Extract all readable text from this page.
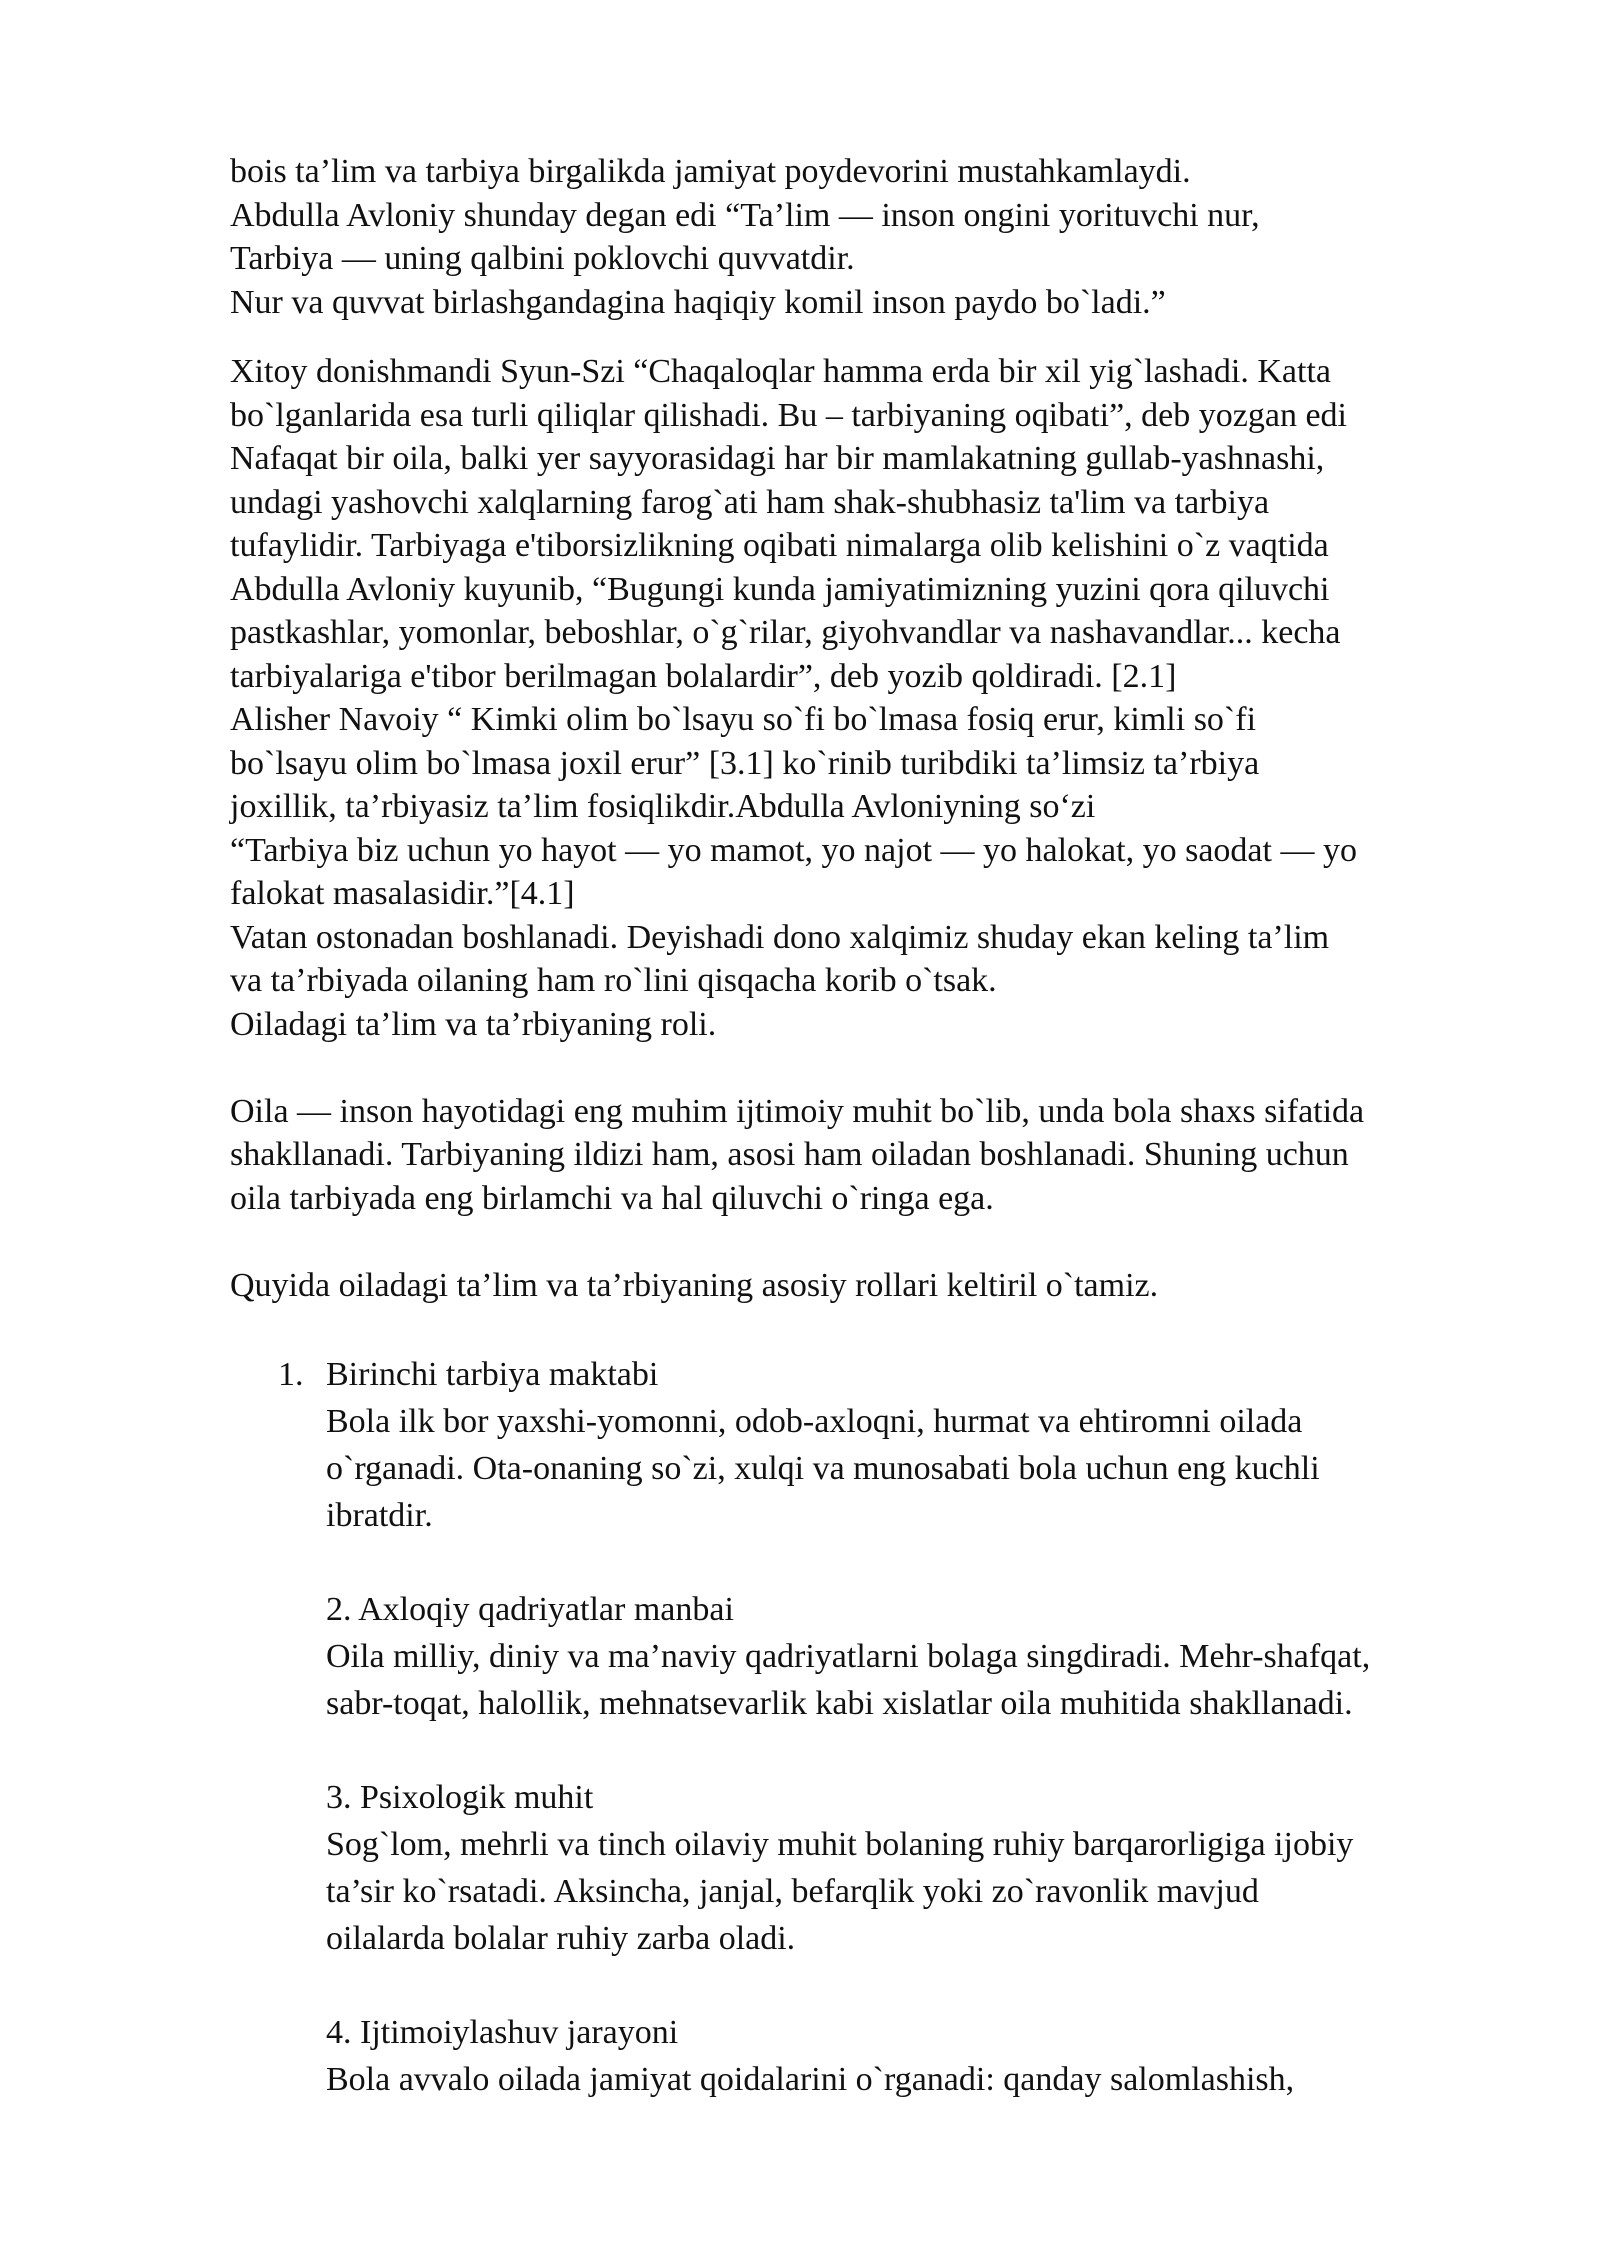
bois ta’lim va tarbiya birgalikda jamiyat poydevorini mustahkamlaydi.
Abdulla Avloniy shunday degan edi “Ta’lim — inson ongini yorituvchi nur,
Tarbiya — uning qalbini poklovchi quvvatdir.
Nur va quvvat birlashgandagina haqiqiy komil inson paydo bo`ladi.”
Xitoy donishmandi Syun-Szi “Chaqaloqlar hamma erda bir xil yig`lashadi. Katta
bo`lganlarida esa turli qiliqlar qilishadi. Bu – tarbiyaning oqibati”, deb yozgan edi
Nafaqat bir oila, balki yer sayyorasidagi har bir mamlakatning gullab-yashnashi,
undagi yashovchi xalqlarning farog`ati ham shak-shubhasiz ta'lim va tarbiya
tufaylidir. Tarbiyaga e'tiborsizlikning oqibati nimalarga olib kelishini o`z vaqtida
Abdulla Avloniy kuyunib, “Bugungi kunda jamiyatimizning yuzini qora qiluvchi
pastkashlar, yomonlar, beboshlar, o`g`rilar, giyohvandlar va nashavandlar... kecha
tarbiyalariga e'tibor berilmagan bolalardir”, deb yozib qoldiradi. [2.1]
Alisher Navoiy “ Kimki olim bo`lsayu so`fi bo`lmasa fosiq erur, kimli so`fi
bo`lsayu olim bo`lmasa joxil erur” [3.1] ko`rinib turibdiki ta’limsiz ta’rbiya
joxillik, ta’rbiyasiz ta’lim fosiqlikdir.Abdulla Avloniyning so‘zi
“Tarbiya biz uchun yo hayot — yo mamot, yo najot — yo halokat, yo saodat — yo
falokat masalasidir.”[4.1]
Vatan ostonadan boshlanadi. Deyishadi dono xalqimiz shuday ekan keling ta’lim
va ta’rbiyada oilaning ham ro`lini qisqacha korib o`tsak.
Oiladagi ta’lim va ta’rbiyaning roli.
Oila — inson hayotidagi eng muhim ijtimoiy muhit bo`lib, unda bola shaxs sifatida
shakllanadi. Tarbiyaning ildizi ham, asosi ham oiladan boshlanadi. Shuning uchun
oila tarbiyada eng birlamchi va hal qiluvchi o`ringa ega.
Quyida oiladagi ta’lim va ta’rbiyaning asosiy rollari keltiril o`tamiz.
1. Birinchi tarbiya maktabi
Bola ilk bor yaxshi-yomonni, odob-axloqni, hurmat va ehtiromni oilada
o`rganadi. Ota-onaning so`zi, xulqi va munosabati bola uchun eng kuchli
ibratdir.
2. Axloqiy qadriyatlar manbai
Oila milliy, diniy va ma’naviy qadriyatlarni bolaga singdiradi. Mehr-shafqat,
sabr-toqat, halollik, mehnatsevarlik kabi xislatlar oila muhitida shakllanadi.
3. Psixologik muhit
Sog`lom, mehrli va tinch oilaviy muhit bolaning ruhiy barqarorligiga ijobiy
ta’sir ko`rsatadi. Aksincha, janjal, befarqlik yoki zo`ravonlik mavjud
oilalarda bolalar ruhiy zarba oladi.
4. Ijtimoiylashuv jarayoni
Bola avvalo oilada jamiyat qoidalarini o`rganadi: qanday salomlashish,
